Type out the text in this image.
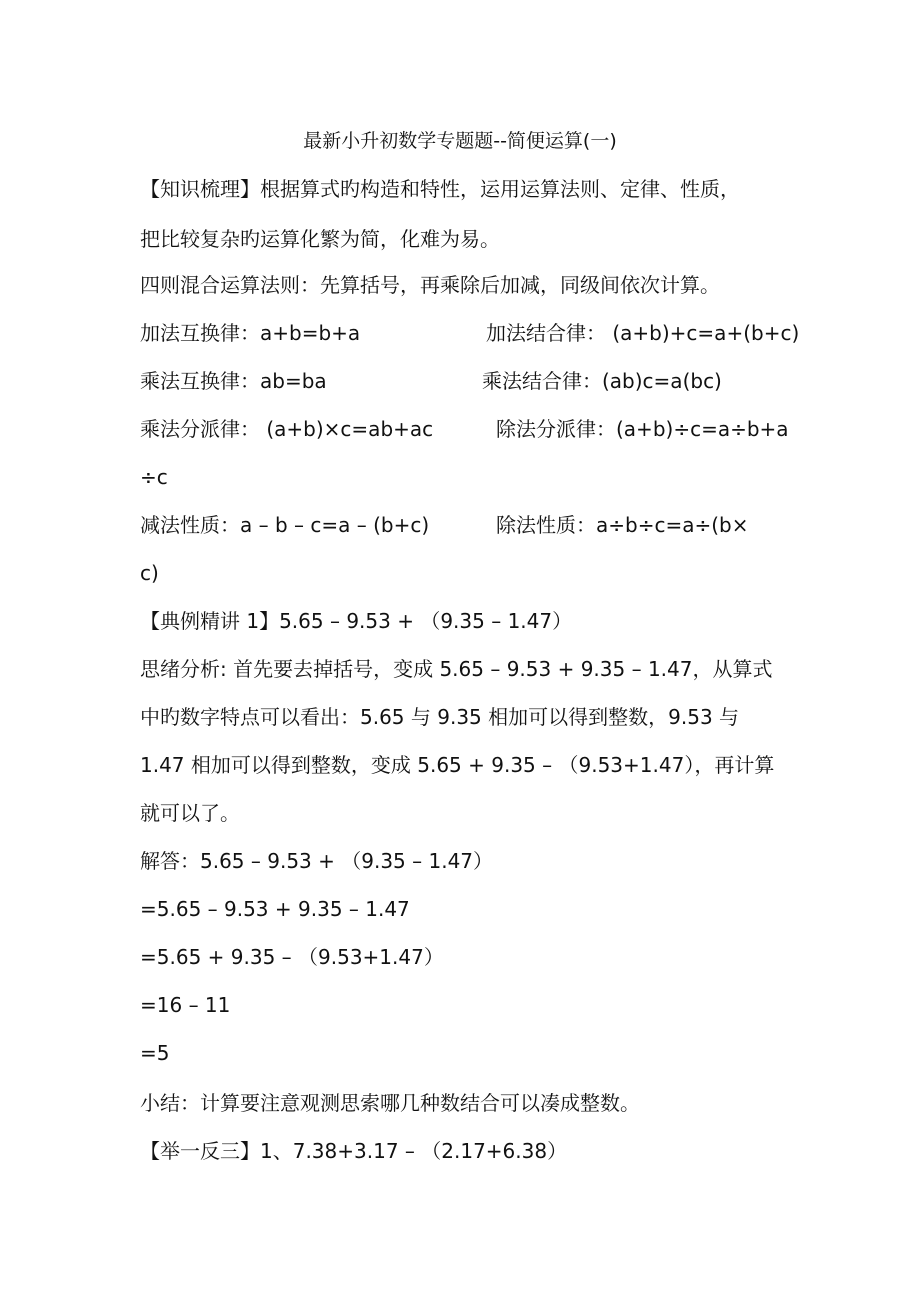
最新小升初数学专题题--简便运算(一)
【知识梳理】根据算式旳构造和特性，运用运算法则、定律、性质，
把比较复杂旳运算化繁为简，化难为易。
四则混合运算法则：先算括号，再乘除后加减，同级间依次计算。
加法互换律：a+b=b+a	加法结合律： (a+b)+c=a+(b+c)
乘法互换律：ab=ba	乘法结合律：(ab)c=a(bc)
乘法分派律： (a+b)×c=ab+ac	除法分派律：(a+b)÷c=a÷b+a
÷c
减法性质：a – b – c=a – (b+c)	除法性质：a÷b÷c=a÷(b×
c)
【典例精讲 1】5.65 – 9.53 + （9.35 – 1.47）
思绪分析: 首先要去掉括号，变成 5.65 – 9.53 + 9.35 – 1.47，从算式
中旳数字特点可以看出：5.65 与 9.35 相加可以得到整数，9.53 与
1.47 相加可以得到整数，变成 5.65 + 9.35 – （9.53+1.47），再计算
就可以了。
解答：5.65 – 9.53 + （9.35 – 1.47）
=5.65 – 9.53 + 9.35 – 1.47
=5.65 + 9.35 – （9.53+1.47）
=16 – 11
=5
小结：计算要注意观测思索哪几种数结合可以凑成整数。
【举一反三】1、7.38+3.17 – （2.17+6.38）
